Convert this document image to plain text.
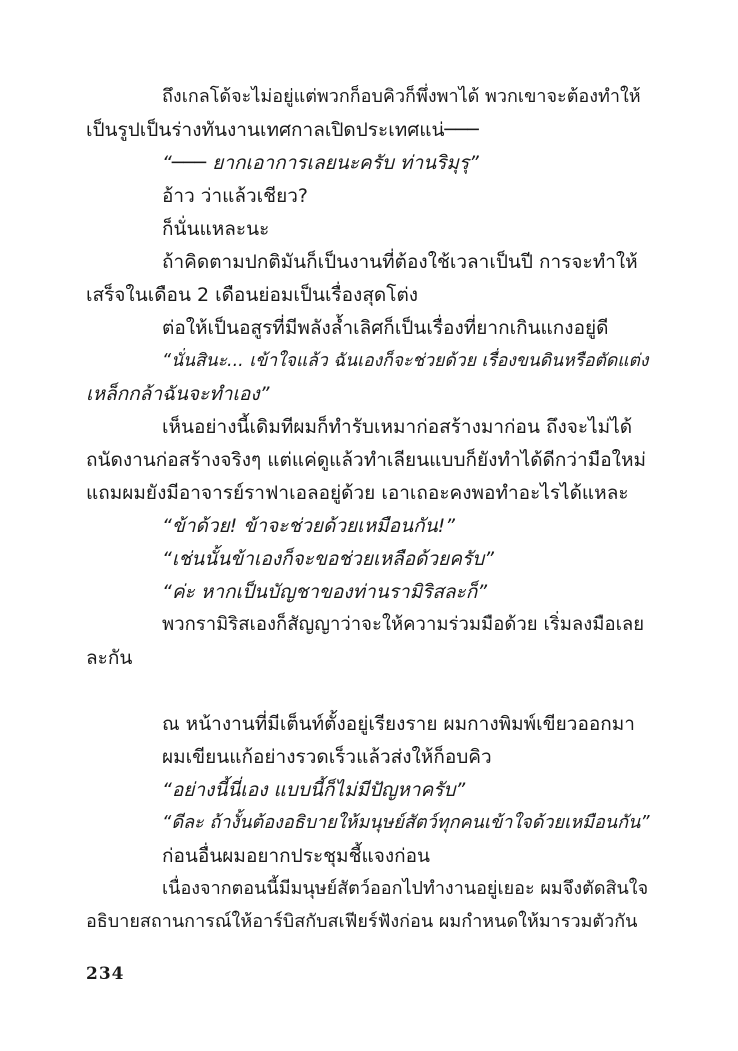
ถึงเกลโด้จะไม่อยู่แต่พวกก็อบคิวก็พึ่งพาได้ พวกเขาจะต้องทำให้

เป็นรูปเป็นร่างทันงานเทศกาลเปิดประเทศแน่───

“─── ยากเอาการเลยนะครับ ท่านริมุรุ”

อ้าว ว่าแล้วเชียว?

ก็นั่นแหละนะ

ถ้าคิดตามปกติมันก็เป็นงานที่ต้องใช้เวลาเป็นปี การจะทำให้

เสร็จในเดือน 2 เดือนย่อมเป็นเรื่องสุดโต่ง

ต่อให้เป็นอสูรที่มีพลังล้ำเลิศก็เป็นเรื่องที่ยากเกินแกงอยู่ดี

“นั่นสินะ... เข้าใจแล้ว ฉันเองก็จะช่วยด้วย เรื่องขนดินหรือตัดแต่ง

เหล็กกล้าฉันจะทำเอง”

เห็นอย่างนี้เดิมทีผมก็ทำรับเหมาก่อสร้างมาก่อน ถึงจะไม่ได้

ถนัดงานก่อสร้างจริงๆ แต่แค่ดูแล้วทำเลียนแบบก็ยังทำได้ดีกว่ามือใหม่

แถมผมยังมีอาจารย์ราฟาเอลอยู่ด้วย เอาเถอะคงพอทำอะไรได้แหละ

“ข้าด้วย! ข้าจะช่วยด้วยเหมือนกัน!”

“เช่นนั้นข้าเองก็จะขอช่วยเหลือด้วยครับ”

“ค่ะ หากเป็นบัญชาของท่านรามิริสละก็”

พวกรามิริสเองก็สัญญาว่าจะให้ความร่วมมือด้วย เริ่มลงมือเลย

ละกัน

ณ หน้างานที่มีเต็นท์ตั้งอยู่เรียงราย ผมกางพิมพ์เขียวออกมา

ผมเขียนแก้อย่างรวดเร็วแล้วส่งให้ก็อบคิว

“อย่างนี้นี่เอง แบบนี้ก็ไม่มีปัญหาครับ”

“ดีละ ถ้างั้นต้องอธิบายให้มนุษย์สัตว์ทุกคนเข้าใจด้วยเหมือนกัน”

ก่อนอื่นผมอยากประชุมชี้แจงก่อน

เนื่องจากตอนนี้มีมนุษย์สัตว์ออกไปทำงานอยู่เยอะ ผมจึงตัดสินใจ

อธิบายสถานการณ์ให้อาร์บิสกับสเฟียร์ฟังก่อน ผมกำหนดให้มารวมตัวกัน

234
